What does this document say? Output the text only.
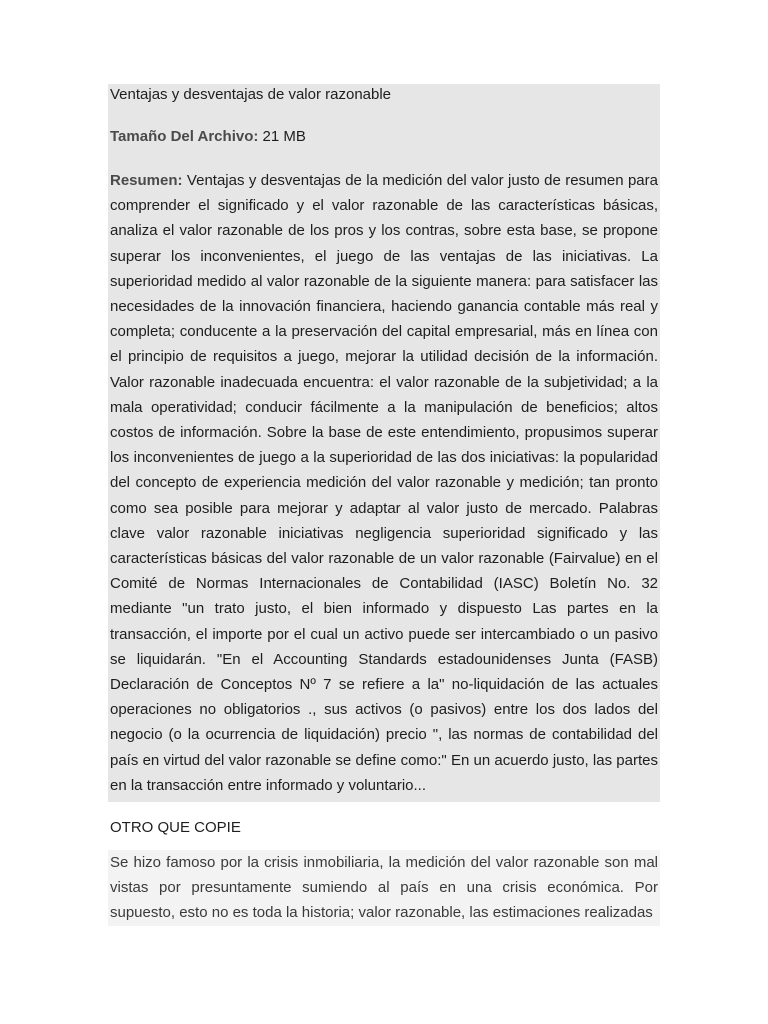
Ventajas y desventajas de valor razonable

Tamaño Del Archivo: 21 MB

Resumen: Ventajas y desventajas de la medición del valor justo de resumen para comprender el significado y el valor razonable de las características básicas, analiza el valor razonable de los pros y los contras, sobre esta base, se propone superar los inconvenientes, el juego de las ventajas de las iniciativas. La superioridad medido al valor razonable de la siguiente manera: para satisfacer las necesidades de la innovación financiera, haciendo ganancia contable más real y completa; conducente a la preservación del capital empresarial, más en línea con el principio de requisitos a juego, mejorar la utilidad decisión de la información. Valor razonable inadecuada encuentra: el valor razonable de la subjetividad; a la mala operatividad; conducir fácilmente a la manipulación de beneficios; altos costos de información. Sobre la base de este entendimiento, propusimos superar los inconvenientes de juego a la superioridad de las dos iniciativas: la popularidad del concepto de experiencia medición del valor razonable y medición; tan pronto como sea posible para mejorar y adaptar al valor justo de mercado. Palabras clave valor razonable iniciativas negligencia superioridad significado y las características básicas del valor razonable de un valor razonable (Fairvalue) en el Comité de Normas Internacionales de Contabilidad (IASC) Boletín No. 32 mediante "un trato justo, el bien informado y dispuesto Las partes en la transacción, el importe por el cual un activo puede ser intercambiado o un pasivo se liquidarán. "En el Accounting Standards estadounidenses Junta (FASB) Declaración de Conceptos Nº 7 se refiere a la" no-liquidación de las actuales operaciones no obligatorios ., sus activos (o pasivos) entre los dos lados del negocio (o la ocurrencia de liquidación) precio ", las normas de contabilidad del país en virtud del valor razonable se define como:" En un acuerdo justo, las partes en la transacción entre informado y voluntario...

OTRO QUE COPIE

Se hizo famoso por la crisis inmobiliaria, la medición del valor razonable son mal vistas por presuntamente sumiendo al país en una crisis económica. Por supuesto, esto no es toda la historia; valor razonable, las estimaciones realizadas
